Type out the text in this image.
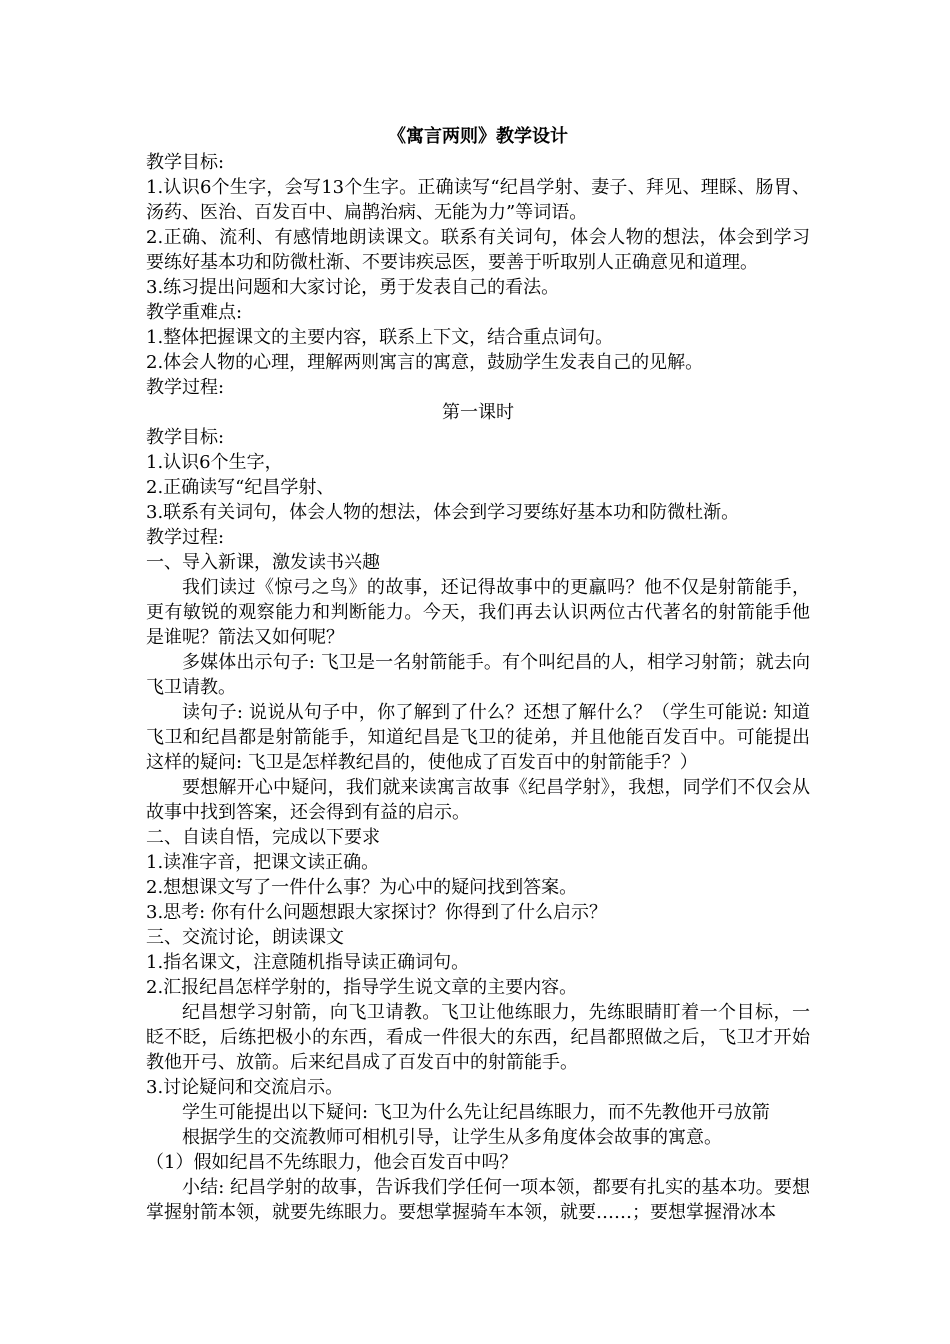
《寓言两则》教学设计
教学目标:
1.认识6个生字，会写13个生字。正确读写“纪昌学射、妻子、拜见、理睬、肠胃、汤药、医治、百发百中、扁鹊治病、无能为力”等词语。
2.正确、流利、有感情地朗读课文。联系有关词句，体会人物的想法，体会到学习要练好基本功和防微杜渐、不要讳疾忌医，要善于听取别人正确意见和道理。
3.练习提出问题和大家讨论，勇于发表自己的看法。
教学重难点:
1.整体把握课文的主要内容，联系上下文，结合重点词句。
2.体会人物的心理，理解两则寓言的寓意，鼓励学生发表自己的见解。
教学过程:
第一课时
教学目标:
1.认识6个生字，
2.正确读写“纪昌学射、
3.联系有关词句，体会人物的想法，体会到学习要练好基本功和防微杜渐。
教学过程:
一、导入新课，激发读书兴趣
我们读过《惊弓之鸟》的故事，还记得故事中的更羸吗？他不仅是射箭能手，更有敏锐的观察能力和判断能力。今天，我们再去认识两位古代著名的射箭能手他是谁呢？箭法又如何呢？
多媒体出示句子: 飞卫是一名射箭能手。有个叫纪昌的人，相学习射箭；就去向飞卫请教。
读句子: 说说从句子中，你了解到了什么？还想了解什么？（学生可能说: 知道飞卫和纪昌都是射箭能手，知道纪昌是飞卫的徒弟，并且他能百发百中。可能提出这样的疑问: 飞卫是怎样教纪昌的，使他成了百发百中的射箭能手？）
要想解开心中疑问，我们就来读寓言故事《纪昌学射》，我想，同学们不仅会从故事中找到答案，还会得到有益的启示。
二、自读自悟，完成以下要求
1.读准字音，把课文读正确。
2.想想课文写了一件什么事？为心中的疑问找到答案。
3.思考: 你有什么问题想跟大家探讨？你得到了什么启示？
三、交流讨论，朗读课文
1.指名课文，注意随机指导读正确词句。
2.汇报纪昌怎样学射的，指导学生说文章的主要内容。
纪昌想学习射箭，向飞卫请教。飞卫让他练眼力，先练眼睛盯着一个目标，一眨不眨，后练把极小的东西，看成一件很大的东西，纪昌都照做之后，飞卫才开始教他开弓、放箭。后来纪昌成了百发百中的射箭能手。
3.讨论疑问和交流启示。
学生可能提出以下疑问: 飞卫为什么先让纪昌练眼力，而不先教他开弓放箭
根据学生的交流教师可相机引导，让学生从多角度体会故事的寓意。
（1）假如纪昌不先练眼力，他会百发百中吗？
小结: 纪昌学射的故事，告诉我们学任何一项本领，都要有扎实的基本功。要想掌握射箭本领，就要先练眼力。要想掌握骑车本领，就要……；要想掌握滑冰本
